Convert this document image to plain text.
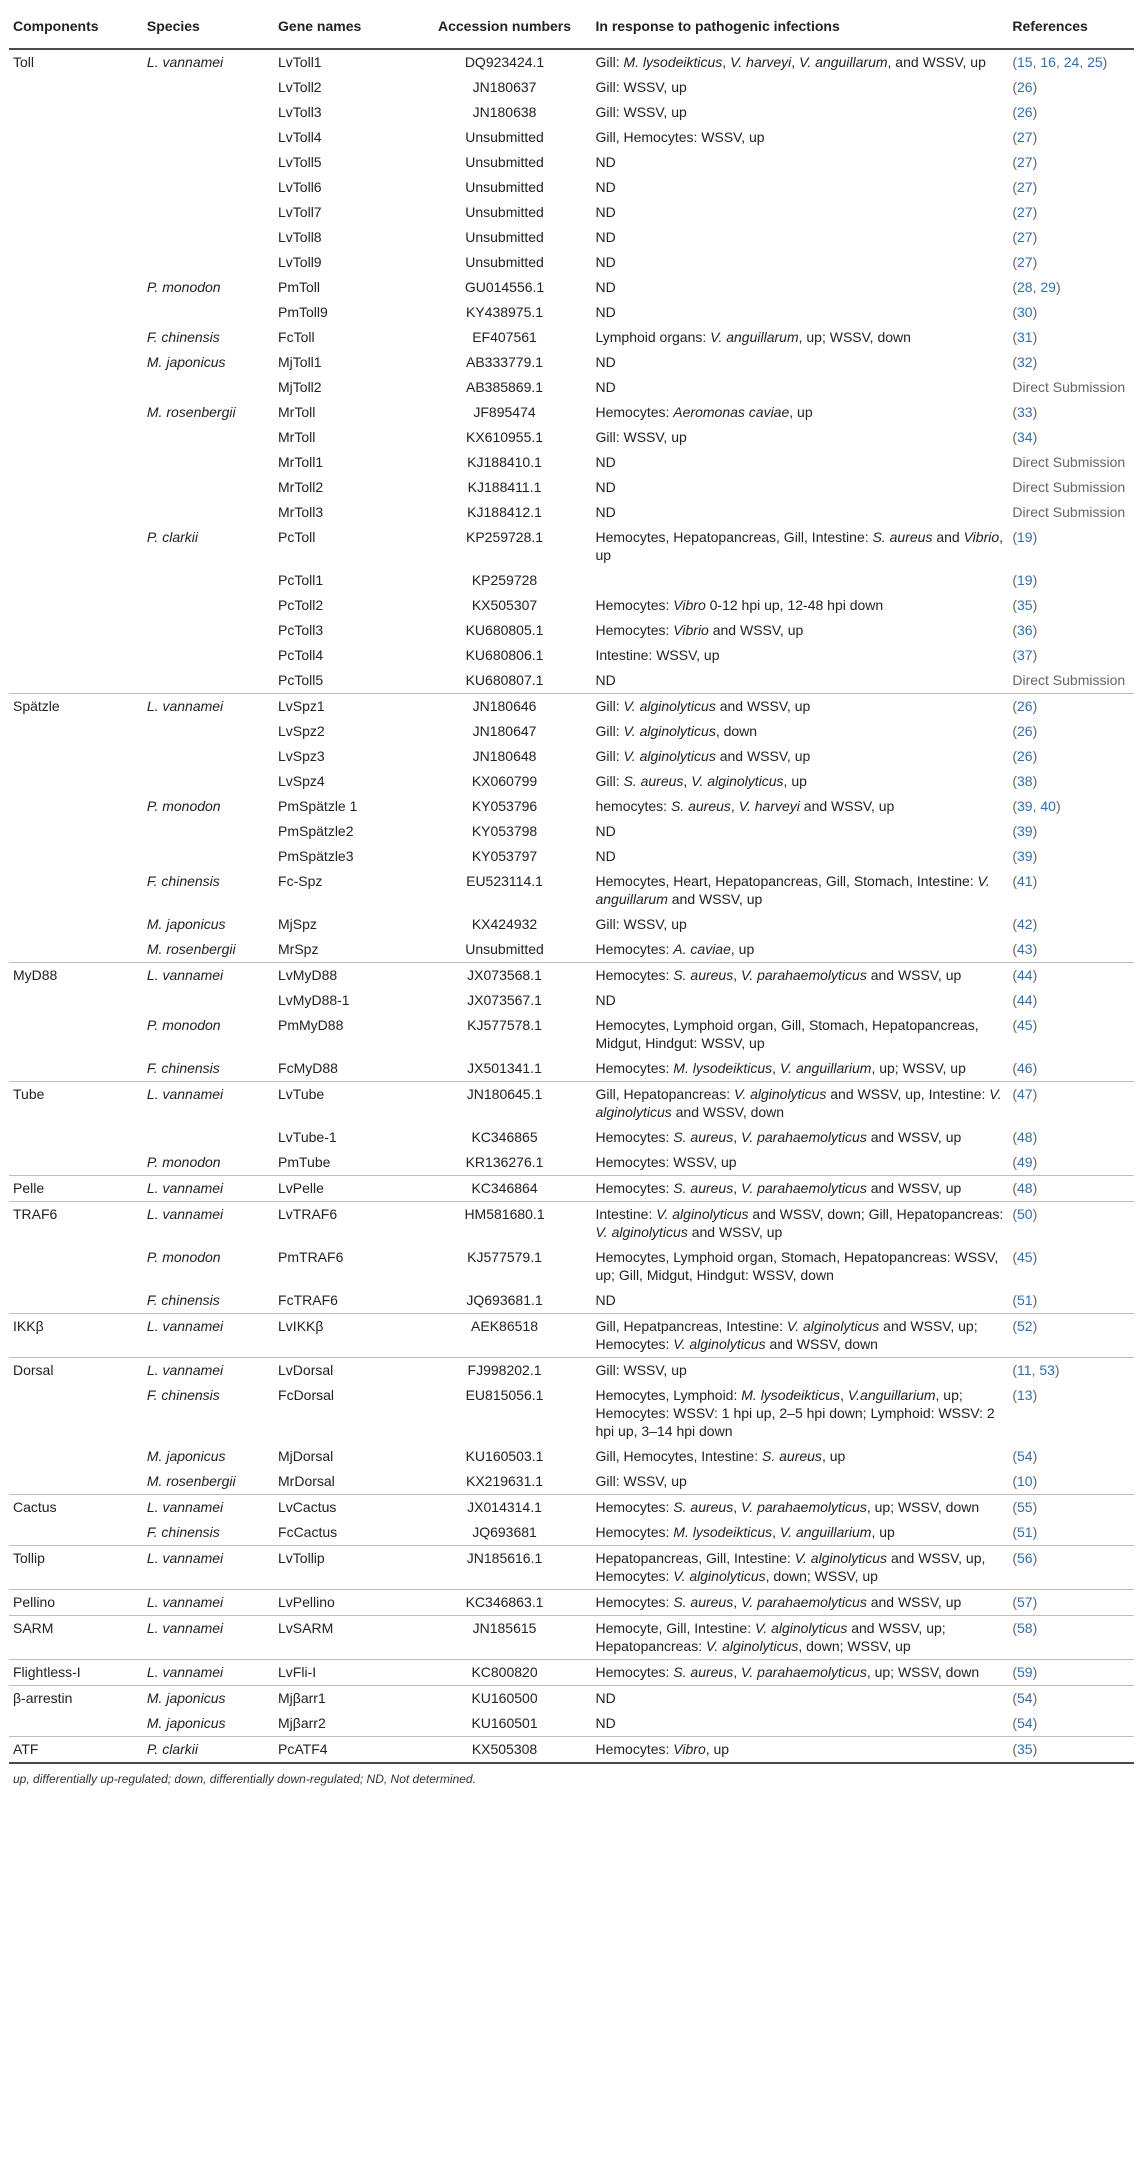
Components	Species	Gene names	Accession numbers	In response to pathogenic infections	References
Toll	L. vannamei	LvToll1	DQ923424.1	Gill: M. lysodeikticus, V. harveyi, V. anguillarum, and WSSV, up	(15, 16, 24, 25)
		LvToll2	JN180637	Gill: WSSV, up	(26)
		LvToll3	JN180638	Gill: WSSV, up	(26)
		LvToll4	Unsubmitted	Gill, Hemocytes: WSSV, up	(27)
		LvToll5	Unsubmitted	ND	(27)
		LvToll6	Unsubmitted	ND	(27)
		LvToll7	Unsubmitted	ND	(27)
		LvToll8	Unsubmitted	ND	(27)
		LvToll9	Unsubmitted	ND	(27)
	P. monodon	PmToll	GU014556.1	ND	(28, 29)
		PmToll9	KY438975.1	ND	(30)
	F. chinensis	FcToll	EF407561	Lymphoid organs: V. anguillarum, up; WSSV, down	(31)
	M. japonicus	MjToll1	AB333779.1	ND	(32)
		MjToll2	AB385869.1	ND	Direct Submission
	M. rosenbergii	MrToll	JF895474	Hemocytes: Aeromonas caviae, up	(33)
		MrToll	KX610955.1	Gill: WSSV, up	(34)
		MrToll1	KJ188410.1	ND	Direct Submission
		MrToll2	KJ188411.1	ND	Direct Submission
		MrToll3	KJ188412.1	ND	Direct Submission
	P. clarkii	PcToll	KP259728.1	Hemocytes, Hepatopancreas, Gill, Intestine: S. aureus and Vibrio, up	(19)
		PcToll1	KP259728		(19)
		PcToll2	KX505307	Hemocytes: Vibro 0-12 hpi up, 12-48 hpi down	(35)
		PcToll3	KU680805.1	Hemocytes: Vibrio and WSSV, up	(36)
		PcToll4	KU680806.1	Intestine: WSSV, up	(37)
		PcToll5	KU680807.1	ND	Direct Submission
Spätzle	L. vannamei	LvSpz1	JN180646	Gill: V. alginolyticus and WSSV, up	(26)
		LvSpz2	JN180647	Gill: V. alginolyticus, down	(26)
		LvSpz3	JN180648	Gill: V. alginolyticus and WSSV, up	(26)
		LvSpz4	KX060799	Gill: S. aureus, V. alginolyticus, up	(38)
	P. monodon	PmSpätzle 1	KY053796	hemocytes: S. aureus, V. harveyi and WSSV, up	(39, 40)
		PmSpätzle2	KY053798	ND	(39)
		PmSpätzle3	KY053797	ND	(39)
	F. chinensis	Fc-Spz	EU523114.1	Hemocytes, Heart, Hepatopancreas, Gill, Stomach, Intestine: V. anguillarum and WSSV, up	(41)
	M. japonicus	MjSpz	KX424932	Gill: WSSV, up	(42)
	M. rosenbergii	MrSpz	Unsubmitted	Hemocytes: A. caviae, up	(43)
MyD88	L. vannamei	LvMyD88	JX073568.1	Hemocytes: S. aureus, V. parahaemolyticus and WSSV, up	(44)
		LvMyD88-1	JX073567.1	ND	(44)
	P. monodon	PmMyD88	KJ577578.1	Hemocytes, Lymphoid organ, Gill, Stomach, Hepatopancreas, Midgut, Hindgut: WSSV, up	(45)
	F. chinensis	FcMyD88	JX501341.1	Hemocytes: M. lysodeikticus, V. anguillarium, up; WSSV, up	(46)
Tube	L. vannamei	LvTube	JN180645.1	Gill, Hepatopancreas: V. alginolyticus and WSSV, up, Intestine: V. alginolyticus and WSSV, down	(47)
		LvTube-1	KC346865	Hemocytes: S. aureus, V. parahaemolyticus and WSSV, up	(48)
	P. monodon	PmTube	KR136276.1	Hemocytes: WSSV, up	(49)
Pelle	L. vannamei	LvPelle	KC346864	Hemocytes: S. aureus, V. parahaemolyticus and WSSV, up	(48)
TRAF6	L. vannamei	LvTRAF6	HM581680.1	Intestine: V. alginolyticus and WSSV, down; Gill, Hepatopancreas: V. alginolyticus and WSSV, up	(50)
	P. monodon	PmTRAF6	KJ577579.1	Hemocytes, Lymphoid organ, Stomach, Hepatopancreas: WSSV, up; Gill, Midgut, Hindgut: WSSV, down	(45)
	F. chinensis	FcTRAF6	JQ693681.1	ND	(51)
IKKβ	L. vannamei	LvIKKβ	AEK86518	Gill, Hepatpancreas, Intestine: V. alginolyticus and WSSV, up; Hemocytes: V. alginolyticus and WSSV, down	(52)
Dorsal	L. vannamei	LvDorsal	FJ998202.1	Gill: WSSV, up	(11, 53)
	F. chinensis	FcDorsal	EU815056.1	Hemocytes, Lymphoid: M. lysodeikticus, V.anguillarium, up; Hemocytes: WSSV: 1 hpi up, 2–5 hpi down; Lymphoid: WSSV: 2 hpi up, 3–14 hpi down	(13)
	M. japonicus	MjDorsal	KU160503.1	Gill, Hemocytes, Intestine: S. aureus, up	(54)
	M. rosenbergii	MrDorsal	KX219631.1	Gill: WSSV, up	(10)
Cactus	L. vannamei	LvCactus	JX014314.1	Hemocytes: S. aureus, V. parahaemolyticus, up; WSSV, down	(55)
	F. chinensis	FcCactus	JQ693681	Hemocytes: M. lysodeikticus, V. anguillarium, up	(51)
Tollip	L. vannamei	LvTollip	JN185616.1	Hepatopancreas, Gill, Intestine: V. alginolyticus and WSSV, up, Hemocytes: V. alginolyticus, down; WSSV, up	(56)
Pellino	L. vannamei	LvPellino	KC346863.1	Hemocytes: S. aureus, V. parahaemolyticus and WSSV, up	(57)
SARM	L. vannamei	LvSARM	JN185615	Hemocyte, Gill, Intestine: V. alginolyticus and WSSV, up; Hepatopancreas: V. alginolyticus, down; WSSV, up	(58)
Flightless-I	L. vannamei	LvFli-I	KC800820	Hemocytes: S. aureus, V. parahaemolyticus, up; WSSV, down	(59)
β-arrestin	M. japonicus	Mjβarr1	KU160500	ND	(54)
	M. japonicus	Mjβarr2	KU160501	ND	(54)
ATF	P. clarkii	PcATF4	KX505308	Hemocytes: Vibro, up	(35)
up, differentially up-regulated; down, differentially down-regulated; ND, Not determined.
